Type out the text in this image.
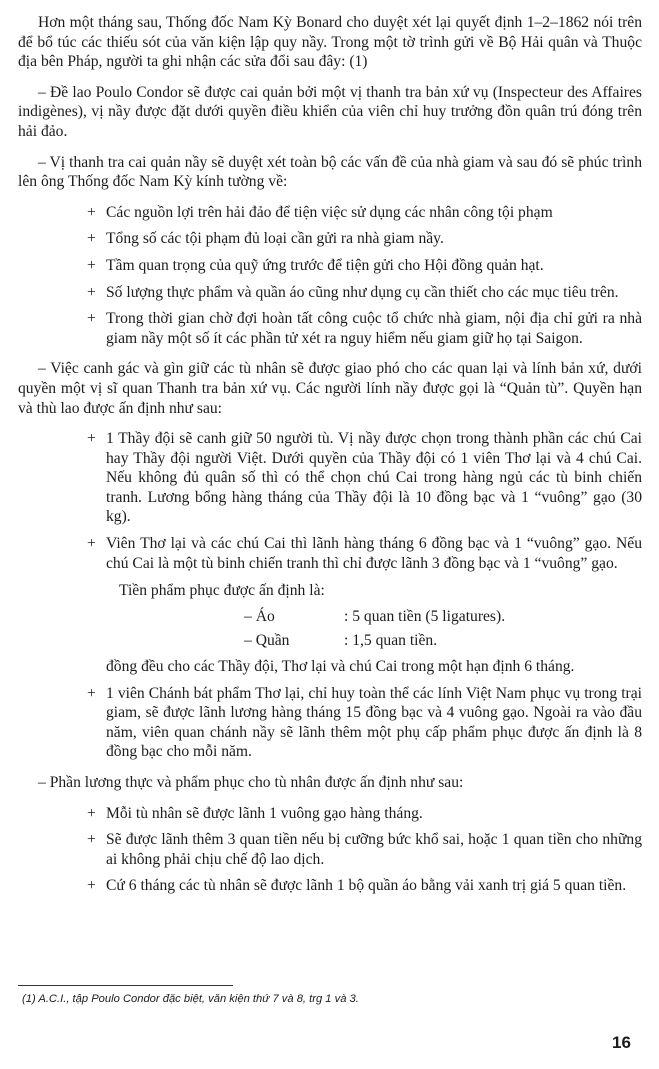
Hơn một tháng sau, Thống đốc Nam Kỳ Bonard cho duyệt xét lại quyết định 1–2–1862 nói trên để bổ túc các thiếu sót của văn kiện lập quy nầy. Trong một tờ trình gửi về Bộ Hải quân và Thuộc địa bên Pháp, người ta ghi nhận các sửa đổi sau đây: (1)

– Đề lao Poulo Condor sẽ được cai quản bởi một vị thanh tra bản xứ vụ (Inspecteur des Affaires indigènes), vị nầy được đặt dưới quyền điều khiển của viên chỉ huy trưởng đồn quân trú đóng trên hải đảo.

– Vị thanh tra cai quản nầy sẽ duyệt xét toàn bộ các vấn đề của nhà giam và sau đó sẽ phúc trình lên ông Thống đốc Nam Kỳ kính tường về:

+ Các nguồn lợi trên hải đảo để tiện việc sử dụng các nhân công tội phạm
+ Tổng số các tội phạm đủ loại cần gửi ra nhà giam nầy.
+ Tầm quan trọng của quỹ ứng trước để tiện gửi cho Hội đồng quản hạt.
+ Số lượng thực phẩm và quần áo cũng như dụng cụ cần thiết cho các mục tiêu trên.
+ Trong thời gian chờ đợi hoàn tất công cuộc tổ chức nhà giam, nội địa chỉ gửi ra nhà giam nầy một số ít các phần tử xét ra nguy hiểm nếu giam giữ họ tại Saigon.

– Việc canh gác và gìn giữ các tù nhân sẽ được giao phó cho các quan lại và lính bản xứ, dưới quyền một vị sĩ quan Thanh tra bản xứ vụ. Các người lính nầy được gọi là “Quản tù”. Quyền hạn và thù lao được ấn định như sau:

+ 1 Thầy đội sẽ canh giữ 50 người tù. Vị nầy được chọn trong thành phần các chú Cai hay Thầy đội người Việt. Dưới quyền của Thầy đội có 1 viên Thơ lại và 4 chú Cai. Nếu không đủ quân số thì có thể chọn chú Cai trong hàng ngủ các tù binh chiến tranh. Lương bổng hàng tháng của Thầy đội là 10 đồng bạc và 1 “vuông” gạo (30 kg).
+ Viên Thơ lại và các chú Cai thì lãnh hàng tháng 6 đồng bạc và 1 “vuông” gạo. Nếu chú Cai là một tù binh chiến tranh thì chỉ được lãnh 3 đồng bạc và 1 “vuông” gạo.

Tiền phẩm phục được ấn định là:

– Áo	: 5 quan tiền (5 ligatures).
– Quần	: 1,5 quan tiền.

đồng đều cho các Thầy đội, Thơ lại và chú Cai trong một hạn định 6 tháng.

+ 1 viên Chánh bát phẩm Thơ lại, chỉ huy toàn thể các lính Việt Nam phục vụ trong trại giam, sẽ được lãnh lương hàng tháng 15 đồng bạc và 4 vuông gạo. Ngoài ra vào đầu năm, viên quan chánh nầy sẽ lãnh thêm một phụ cấp phẩm phục được ấn định là 8 đồng bạc cho mỗi năm.

– Phần lương thực và phẩm phục cho tù nhân được ấn định như sau:

+ Mỗi tù nhân sẽ được lãnh 1 vuông gạo hàng tháng.
+ Sẽ được lãnh thêm 3 quan tiền nếu bị cưỡng bức khổ sai, hoặc 1 quan tiền cho những ai không phải chịu chế độ lao dịch.
+ Cứ 6 tháng các tù nhân sẽ được lãnh 1 bộ quần áo bằng vải xanh trị giá 5 quan tiền.
(1) A.C.I., tập Poulo Condor đặc biệt, văn kiện thứ 7 và 8, trg 1 và 3.
16
